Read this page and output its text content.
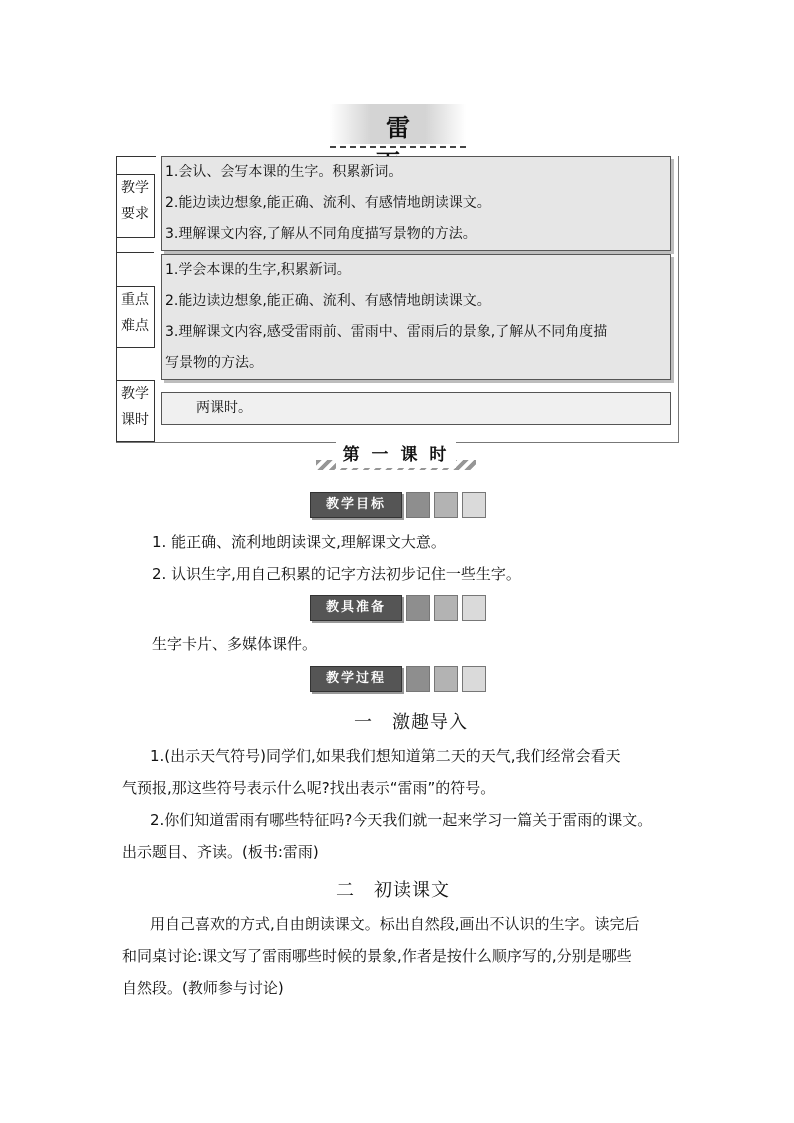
雷　　
教学
要求

1.会认、会写本课的生字。积累新词。

2.能边读边想象,能正确、流利、有感情地朗读课文。

3.理解课文内容,了解从不同角度描写景物的方法。

重点
难点

1.学会本课的生字,积累新词。

2.能边读边想象,能正确、流利、有感情地朗读课文。

3.理解课文内容,感受雷雨前、雷雨中、雷雨后的景象,了解从不同角度描

写景物的方法。

教学
课时

两课时。

第 一 课 时
教学目标

1. 能正确、流利地朗读课文,理解课文大意。

2. 认识生字,用自己积累的记字方法初步记住一些生字。

教具准备

生字卡片、多媒体课件。

教学过程
一　激趣导入

1.(出示天气符号)同学们,如果我们想知道第二天的天气,我们经常会看天

气预报,那这些符号表示什么呢?找出表示“雷雨”的符号。

2.你们知道雷雨有哪些特征吗?今天我们就一起来学习一篇关于雷雨的课文。

出示题目、齐读。(板书:雷雨)

二　初读课文

用自己喜欢的方式,自由朗读课文。标出自然段,画出不认识的生字。读完后

和同桌讨论:课文写了雷雨哪些时候的景象,作者是按什么顺序写的,分别是哪些

自然段。(教师参与讨论)
